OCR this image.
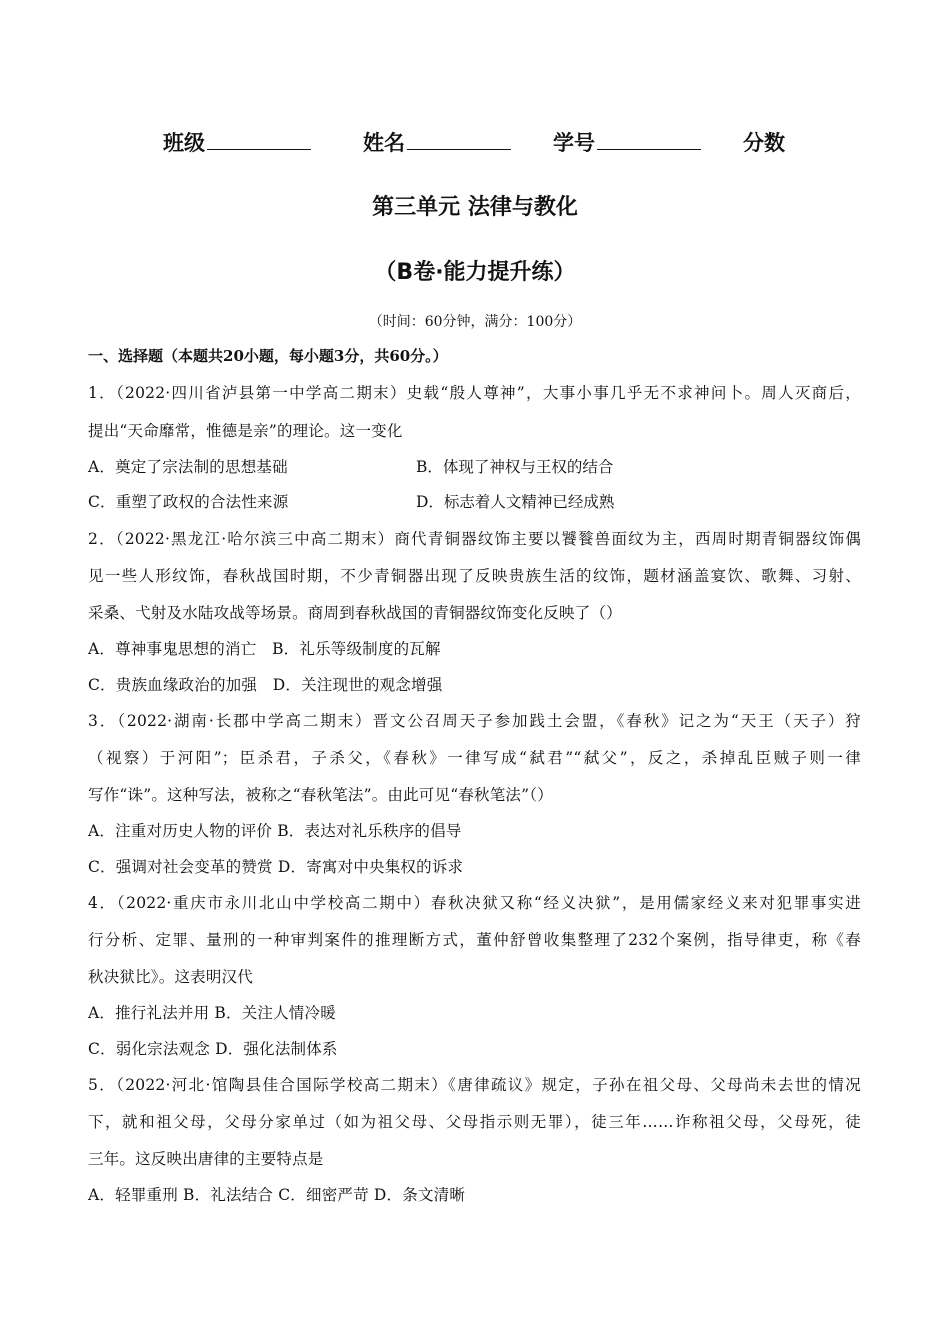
班级	姓名	学号	分数
第三单元 法律与教化
（B卷·能力提升练）
（时间：60分钟，满分：100分）
一、选择题（本题共20小题，每小题3分，共60分。）
1．（2022·四川省泸县第一中学高二期末）史载“殷人尊神”，大事小事几乎无不求神问卜。周人灭商后，
提出“天命靡常，惟德是亲”的理论。这一变化
A．奠定了宗法制的思想基础	B．体现了神权与王权的结合
C．重塑了政权的合法性来源	D．标志着人文精神已经成熟
2．（2022·黑龙江·哈尔滨三中高二期末）商代青铜器纹饰主要以饕餮兽面纹为主，西周时期青铜器纹饰偶
见一些人形纹饰，春秋战国时期，不少青铜器出现了反映贵族生活的纹饰，题材涵盖宴饮、歌舞、习射、
采桑、弋射及水陆攻战等场景。商周到春秋战国的青铜器纹饰变化反映了（）
A．尊神事鬼思想的消亡　B．礼乐等级制度的瓦解
C．贵族血缘政治的加强　D．关注现世的观念增强
3．（2022·湖南·长郡中学高二期末）晋文公召周天子参加践土会盟，《春秋》记之为“天王（天子）狩
（视察）于河阳”；臣杀君，子杀父，《春秋》一律写成“弑君”“弑父”，反之，杀掉乱臣贼子则一律
写作“诛”。这种写法，被称之“春秋笔法”。由此可见“春秋笔法”（）
A．注重对历史人物的评价 B．表达对礼乐秩序的倡导
C．强调对社会变革的赞赏 D．寄寓对中央集权的诉求
4．（2022·重庆市永川北山中学校高二期中）春秋决狱又称“经义决狱”，是用儒家经义来对犯罪事实进
行分析、定罪、量刑的一种审判案件的推理断方式，董仲舒曾收集整理了232个案例，指导律吏，称《春
秋决狱比》。这表明汉代
A．推行礼法并用 B．关注人情冷暖
C．弱化宗法观念 D．强化法制体系
5．（2022·河北·馆陶县佳合国际学校高二期末）《唐律疏议》规定，子孙在祖父母、父母尚未去世的情况
下，就和祖父母，父母分家单过（如为祖父母、父母指示则无罪），徒三年……诈称祖父母，父母死，徒
三年。这反映出唐律的主要特点是
A．轻罪重刑 B．礼法结合 C．细密严苛 D．条文清晰
